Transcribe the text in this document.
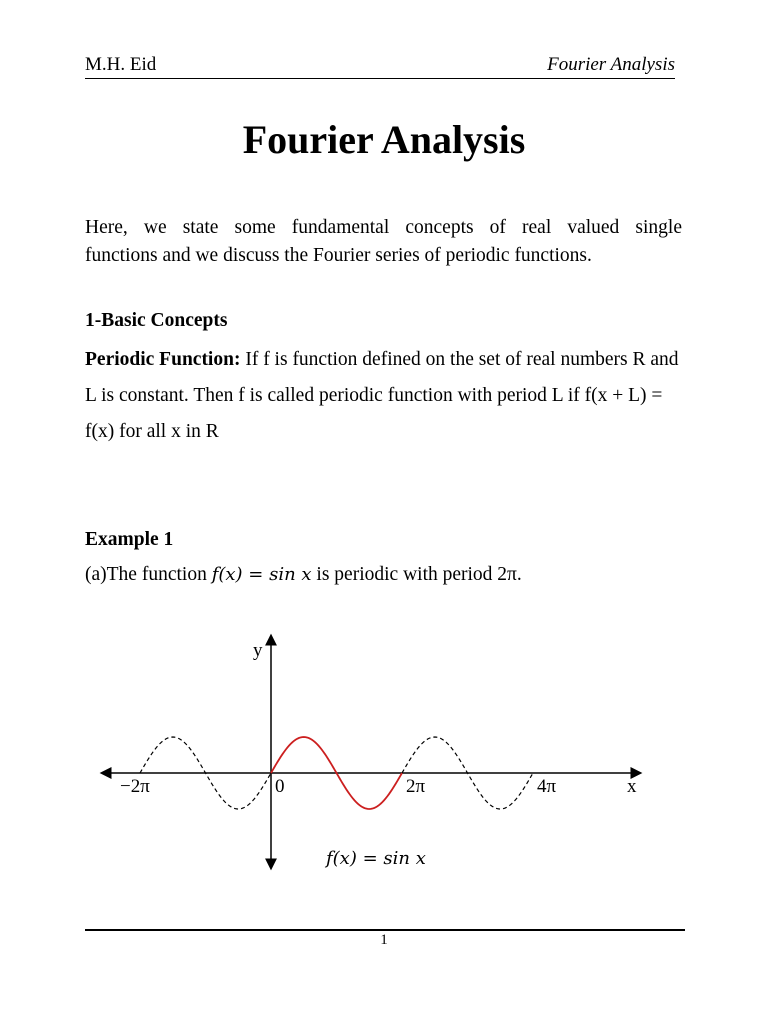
M.H. Eid	Fourier Analysis
Fourier Analysis

Here, we state some fundamental concepts of real valued single
functions and we discuss the Fourier series of periodic functions.

1-Basic Concepts

Periodic Function: If f is function defined on the set of real numbers R and L is constant. Then f is called periodic function with period L if f(x + L) = f(x) for all x in R

Example 1

(a)The function f(x) = sin x is periodic with period 2π.

y
x
−2π	0	2π	4π
f(x) = sin x
1
